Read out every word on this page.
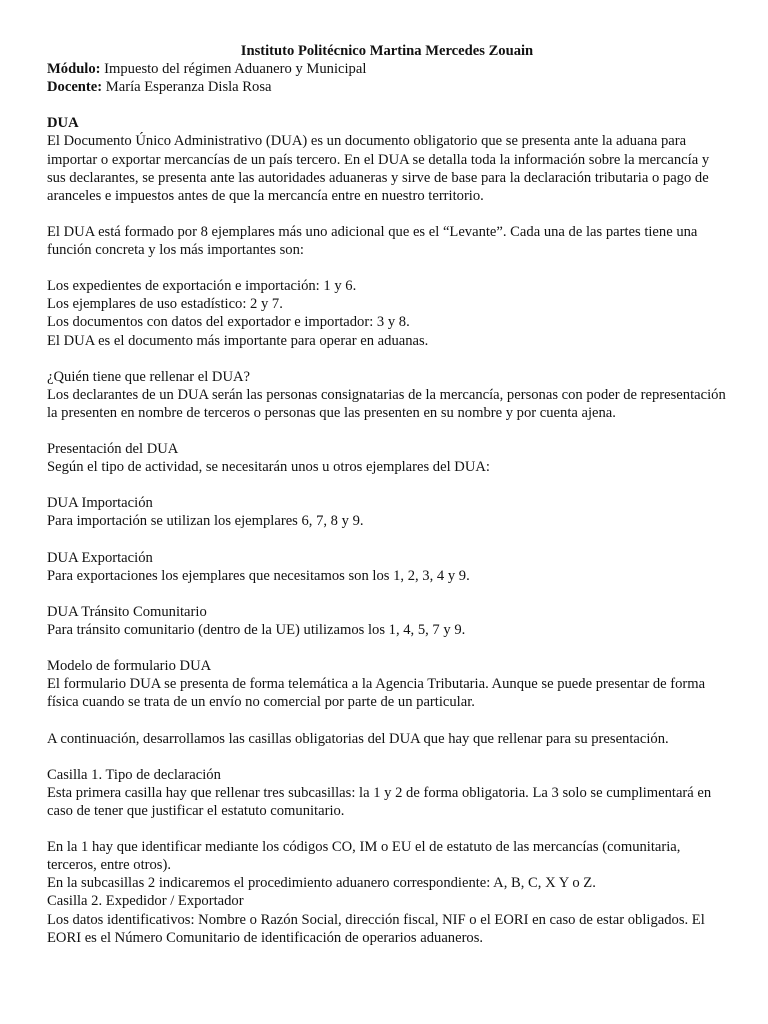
Instituto Politécnico Martina Mercedes Zouain

Módulo: Impuesto del régimen Aduanero y Municipal

Docente: María Esperanza Disla Rosa

DUA

El Documento Único Administrativo (DUA) es un documento obligatorio que se presenta ante la aduana para importar o exportar mercancías de un país tercero. En el DUA se detalla toda la información sobre la mercancía y sus declarantes, se presenta ante las autoridades aduaneras y sirve de base para la declaración tributaria o pago de aranceles e impuestos antes de que la mercancía entre en nuestro territorio.

El DUA está formado por 8 ejemplares más uno adicional que es el “Levante”. Cada una de las partes tiene una función concreta y los más importantes son:

Los expedientes de exportación e importación: 1 y 6.

Los ejemplares de uso estadístico: 2 y 7.

Los documentos con datos del exportador e importador: 3 y 8.

El DUA es el documento más importante para operar en aduanas.

¿Quién tiene que rellenar el DUA?

Los declarantes de un DUA serán las personas consignatarias de la mercancía, personas con poder de representación la presenten en nombre de terceros o personas que las presenten en su nombre y por cuenta ajena.

Presentación del DUA

Según el tipo de actividad, se necesitarán unos u otros ejemplares del DUA:

DUA Importación

Para importación se utilizan los ejemplares 6, 7, 8 y 9.

DUA Exportación

Para exportaciones los ejemplares que necesitamos son los 1, 2, 3, 4 y 9.

DUA Tránsito Comunitario

Para tránsito comunitario (dentro de la UE) utilizamos los 1, 4, 5, 7 y 9.

Modelo de formulario DUA

El formulario DUA se presenta de forma telemática a la Agencia Tributaria. Aunque se puede presentar de forma física cuando se trata de un envío no comercial por parte de un particular.

A continuación, desarrollamos las casillas obligatorias del DUA que hay que rellenar para su presentación.

Casilla 1. Tipo de declaración

Esta primera casilla hay que rellenar tres subcasillas: la 1 y 2 de forma obligatoria. La 3 solo se cumplimentará en caso de tener que justificar el estatuto comunitario.

En la 1 hay que identificar mediante los códigos CO, IM o EU el de estatuto de las mercancías (comunitaria, terceros, entre otros).

En la subcasillas 2 indicaremos el procedimiento aduanero correspondiente: A, B, C, X Y o Z.

Casilla 2. Expedidor / Exportador

Los datos identificativos: Nombre o Razón Social, dirección fiscal, NIF o el EORI en caso de estar obligados. El EORI es el Número Comunitario de identificación de operarios aduaneros.
